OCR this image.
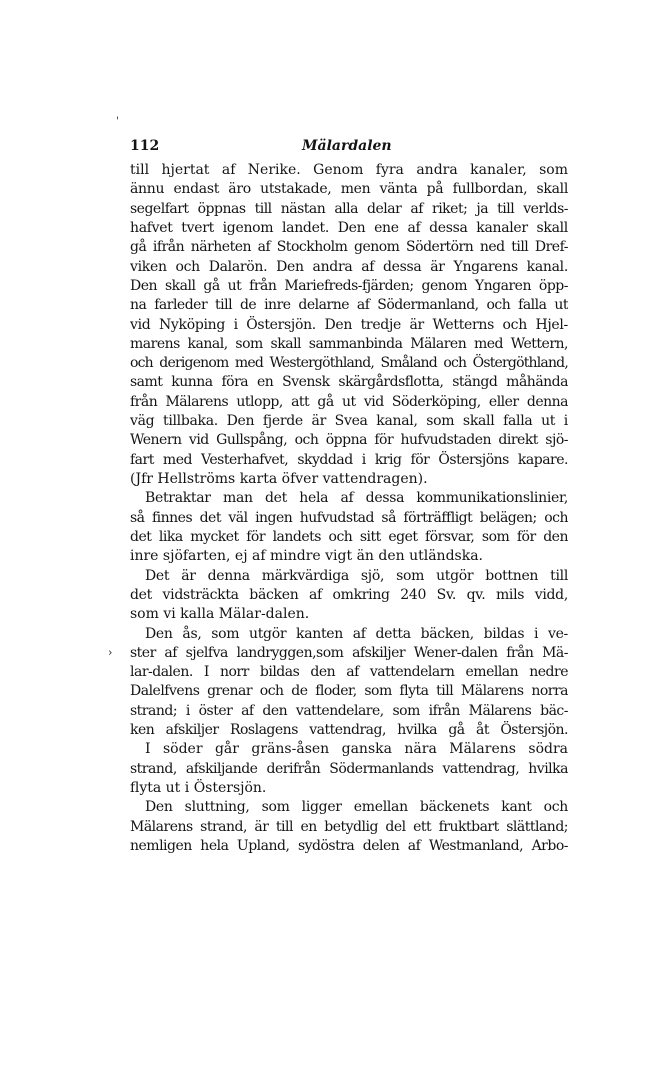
'
›
112	Mälardalen
till hjertat af Nerike. Genom fyra andra kanaler, som
ännu endast äro utstakade, men vänta på fullbordan, skall
segelfart öppnas till nästan alla delar af riket; ja till verlds-
hafvet tvert igenom landet. Den ene af dessa kanaler skall
gå ifrån närheten af Stockholm genom Södertörn ned till Dref-
viken och Dalarön. Den andra af dessa är Yngarens kanal.
Den skall gå ut från Mariefreds-fjärden; genom Yngaren öpp-
na farleder till de inre delarne af Södermanland, och falla ut
vid Nyköping i Östersjön. Den tredje är Wetterns och Hjel-
marens kanal, som skall sammanbinda Mälaren med Wettern,
och derigenom med Westergöthland, Småland och Östergöthland,
samt kunna föra en Svensk skärgårdsflotta, stängd måhända
från Mälarens utlopp, att gå ut vid Söderköping, eller denna
väg tillbaka. Den fjerde är Svea kanal, som skall falla ut i
Wenern vid Gullspång, och öppna för hufvudstaden direkt sjö-
fart med Vesterhafvet, skyddad i krig för Östersjöns kapare.
(Jfr Hellströms karta öfver vattendragen).
Betraktar man det hela af dessa kommunikationslinier,
så finnes det väl ingen hufvudstad så förträffligt belägen; och
det lika mycket för landets och sitt eget försvar, som för den
inre sjöfarten, ej af mindre vigt än den utländska.
Det är denna märkvärdiga sjö, som utgör bottnen till
det vidsträckta bäcken af omkring 240 Sv. qv. mils vidd,
som vi kalla Mälar-dalen.
Den ås, som utgör kanten af detta bäcken, bildas i ve-
ster af sjelfva landryggen,som afskiljer Wener-dalen från Mä-
lar-dalen. I norr bildas den af vattendelarn emellan nedre
Dalelfvens grenar och de floder, som flyta till Mälarens norra
strand; i öster af den vattendelare, som ifrån Mälarens bäc-
ken afskiljer Roslagens vattendrag, hvilka gå åt Östersjön.
I söder går gräns-åsen ganska nära Mälarens södra
strand, afskiljande derifrån Södermanlands vattendrag, hvilka
flyta ut i Östersjön.
Den sluttning, som ligger emellan bäckenets kant och
Mälarens strand, är till en betydlig del ett fruktbart slättland;
nemligen hela Upland, sydöstra delen af Westmanland, Arbo-
